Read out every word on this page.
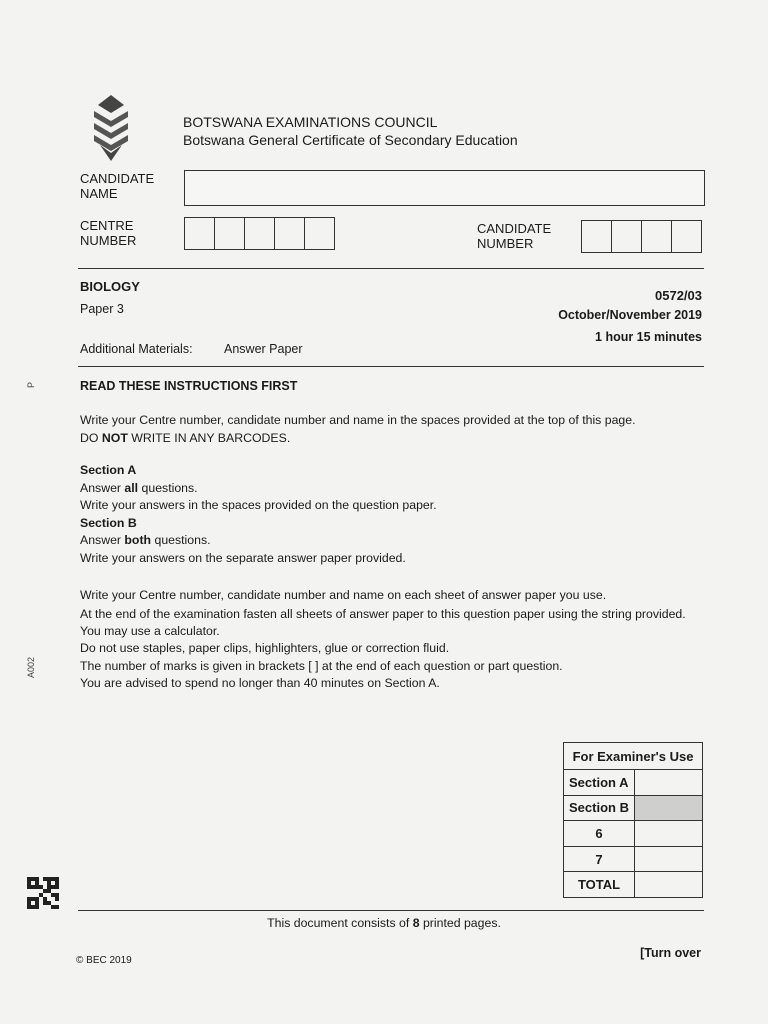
BOTSWANA EXAMINATIONS COUNCIL
Botswana General Certificate of Secondary Education
CANDIDATE
NAME
CENTRE
NUMBER
CANDIDATE
NUMBER
BIOLOGY
Paper 3
0572/03
October/November 2019
1 hour 15 minutes
Additional Materials:	Answer Paper
READ THESE INSTRUCTIONS FIRST
Write your Centre number, candidate number and name in the spaces provided at the top of this page.
DO NOT WRITE IN ANY BARCODES.
Section A
Answer all questions.
Write your answers in the spaces provided on the question paper.
Section B
Answer both questions.
Write your answers on the separate answer paper provided.
Write your Centre number, candidate number and name on each sheet of answer paper you use.
At the end of the examination fasten all sheets of answer paper to this question paper using the string provided.
You may use a calculator.
Do not use staples, paper clips, highlighters, glue or correction fluid.
The number of marks is given in brackets [ ] at the end of each question or part question.
You are advised to spend no longer than 40 minutes on Section A.
For Examiner's Use	
Section A	
Section B	
6	
7	
TOTAL	
P
A002
This document consists of 8 printed pages.
© BEC 2019
[Turn over
